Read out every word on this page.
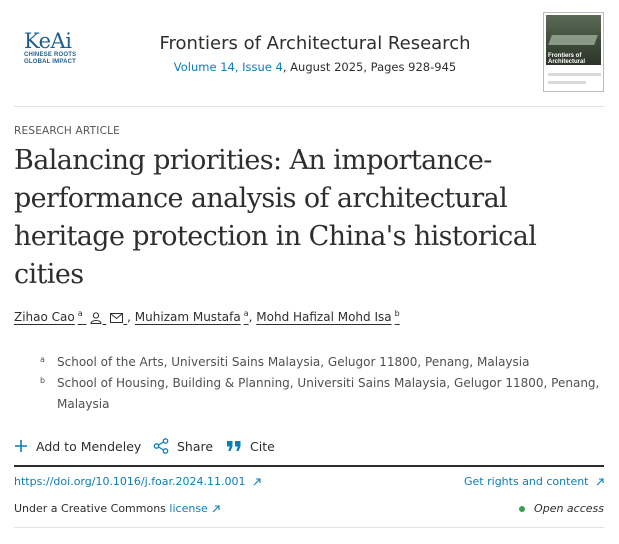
KeAi
CHINESE ROOTS
GLOBAL IMPACT
Frontiers of Architectural Research
Volume 14, Issue 4, August 2025, Pages 928-945
Frontiers of
Architectural
RESEARCH ARTICLE
Balancing priorities: An importance-performance analysis of architectural heritage protection in China's historical cities
Zihao Cao $^a$	, Muhizam Mustafa $^a$, Mohd Hafizal Mohd Isa $^b$
a School of the Arts, Universiti Sains Malaysia, Gelugor 11800, Penang, Malaysia
b School of Housing, Building & Planning, Universiti Sains Malaysia, Gelugor 11800, Penang, Malaysia
Add to Mendeley	Share	Cite
https://doi.org/10.1016/j.foar.2024.11.001	Get rights and content
Under a Creative Commons license	Open access
